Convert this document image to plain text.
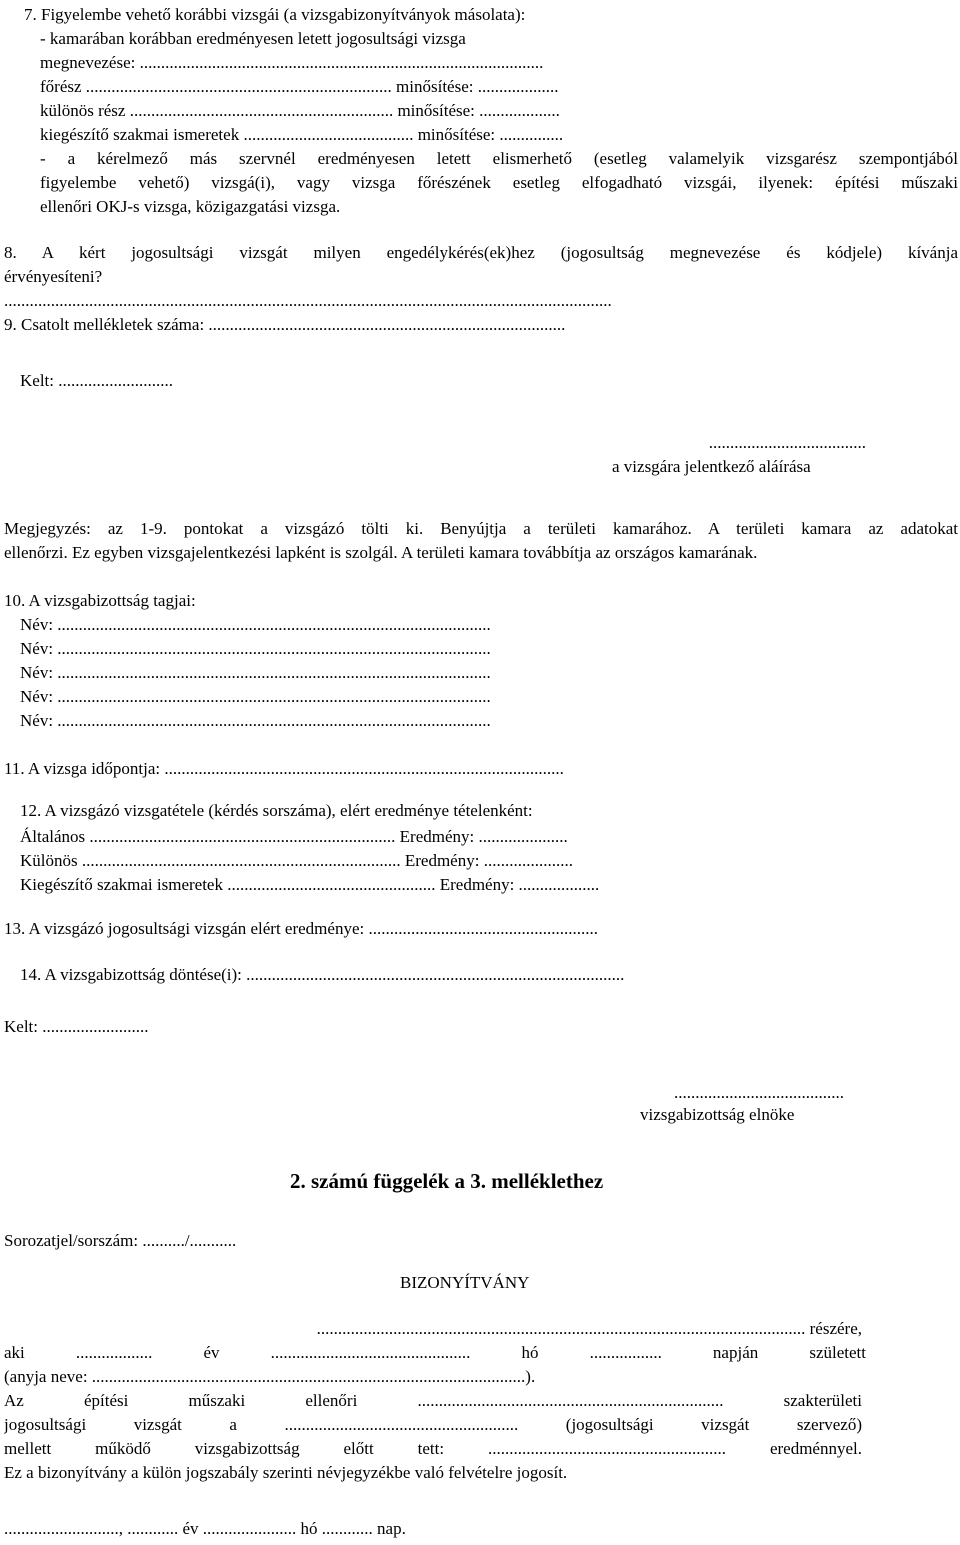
7. Figyelembe vehető korábbi vizsgái (a vizsgabizonyítványok másolata):
- kamarában korábban eredményesen letett jogosultsági vizsga
megnevezése: ...............................................................................................
főrész ........................................................................ minősítése: ...................
különös rész .............................................................. minősítése: ...................
kiegészítő szakmai ismeretek ........................................ minősítése: ...............
- a kérelmező más szervnél eredményesen letett elismerhető (esetleg valamelyik vizsgarész szempontjából
figyelembe vehető) vizsgá(i), vagy vizsga főrészének esetleg elfogadható vizsgái, ilyenek: építési műszaki
ellenőri OKJ-s vizsga, közigazgatási vizsga.
8. A kért jogosultsági vizsgát milyen engedélykérés(ek)hez (jogosultság megnevezése és kódjele) kívánja
érvényesíteni?
...............................................................................................................................................
9. Csatolt mellékletek száma: ....................................................................................
Kelt: ...........................
.....................................
a vizsgára jelentkező aláírása
Megjegyzés: az 1-9. pontokat a vizsgázó tölti ki. Benyújtja a területi kamarához. A területi kamara az adatokat
ellenőrzi. Ez egyben vizsgajelentkezési lapként is szolgál. A területi kamara továbbítja az országos kamarának.
10. A vizsgabizottság tagjai:
Név: ......................................................................................................
Név: ......................................................................................................
Név: ......................................................................................................
Név: ......................................................................................................
Név: ......................................................................................................
11. A vizsga időpontja: ..............................................................................................
12. A vizsgázó vizsgatétele (kérdés sorszáma), elért eredménye tételenként:
Általános ........................................................................ Eredmény: .....................
Különös ........................................................................... Eredmény: .....................
Kiegészítő szakmai ismeretek ................................................. Eredmény: ...................
13. A vizsgázó jogosultsági vizsgán elért eredménye: ......................................................
14. A vizsgabizottság döntése(i): .........................................................................................
Kelt: .........................
........................................
vizsgabizottság elnöke
2. számú függelék a 3. melléklethez
Sorozatjel/sorszám: ........../...........
BIZONYÍTVÁNY
................................................................................................................... részére,
aki .................. év ............................................... hó ................. napján született
(anyja neve: ......................................................................................................).
Az építési műszaki ellenőri ........................................................................ szakterületi
jogosultsági vizsgát a ....................................................... (jogosultsági vizsgát szervező)
mellett működő vizsgabizottság előtt tett: ........................................................ eredménnyel.
Ez a bizonyítvány a külön jogszabály szerinti névjegyzékbe való felvételre jogosít.
..........................., ............ év ...................... hó ............ nap.
